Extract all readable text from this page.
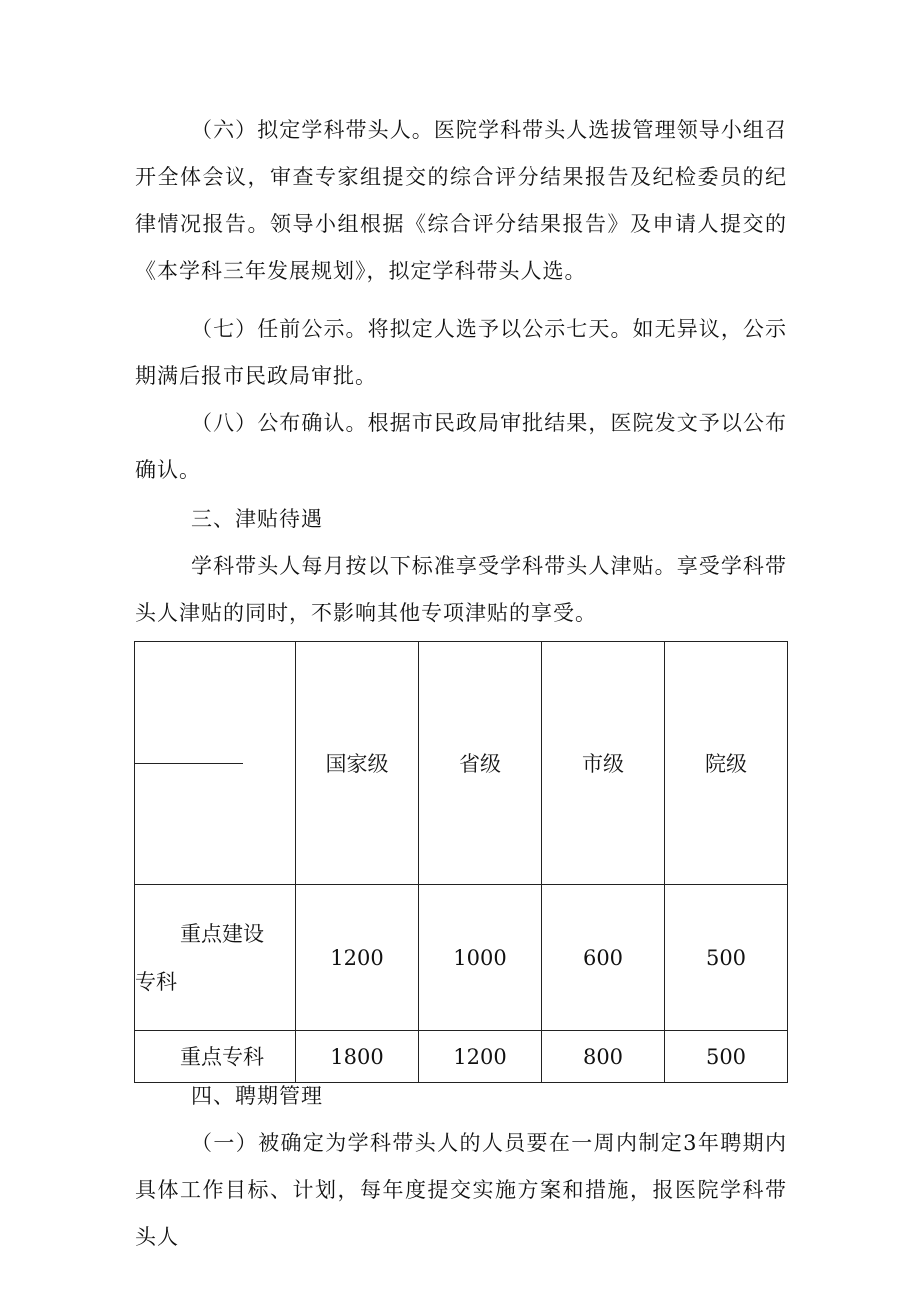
（六）拟定学科带头人。医院学科带头人选拔管理领导小组召开全体会议，审查专家组提交的综合评分结果报告及纪检委员的纪律情况报告。领导小组根据《综合评分结果报告》及申请人提交的《本学科三年发展规划》，拟定学科带头人选。

（七）任前公示。将拟定人选予以公示七天。如无异议，公示期满后报市民政局审批。

（八）公布确认。根据市民政局审批结果，医院发文予以公布确认。

三、津贴待遇

学科带头人每月按以下标准享受学科带头人津贴。享受学科带头人津贴的同时，不影响其他专项津贴的享受。

	国家级	省级	市级	院级

重点建设
专科	1200	1000	600	500

重点专科	1800	1200	800	500

四、聘期管理

（一）被确定为学科带头人的人员要在一周内制定3年聘期内具体工作目标、计划，每年度提交实施方案和措施，报医院学科带头人
